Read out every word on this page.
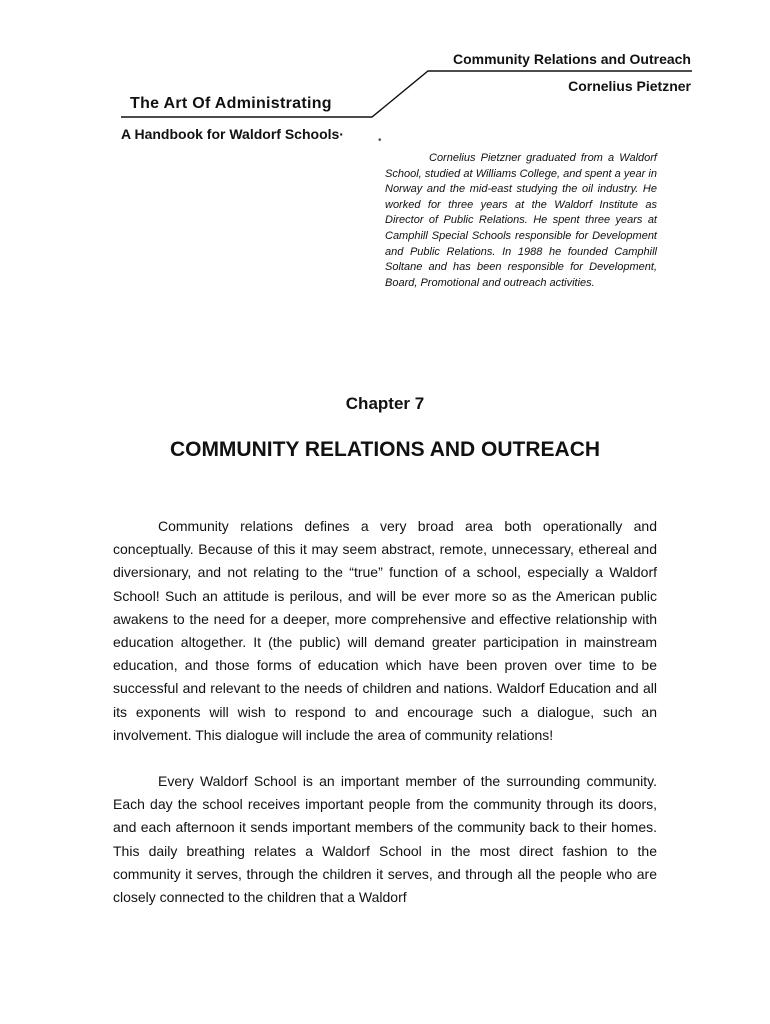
Community Relations and Outreach
Cornelius Pietzner
The Art Of Administrating
A Handbook for Waldorf Schools·	•
Cornelius Pietzner graduated from a Waldorf School, studied at Williams College, and spent a year in Norway and the mid-east studying the oil industry. He worked for three years at the Waldorf Institute as Director of Public Relations. He spent three years at Camphill Special Schools responsible for Development and Public Relations. In 1988 he founded Camphill Soltane and has been responsible for Development, Board, Promotional and outreach activities.
Chapter 7
COMMUNITY RELATIONS AND OUTREACH

Community relations defines a very broad area both operationally and conceptually. Because of this it may seem abstract, remote, unnecessary, ethereal and diversionary, and not relating to the “true” function of a school, especially a Waldorf School! Such an attitude is perilous, and will be ever more so as the American public awakens to the need for a deeper, more comprehensive and effective relationship with education altogether. It (the public) will demand greater participation in mainstream education, and those forms of education which have been proven over time to be successful and relevant to the needs of children and nations. Waldorf Education and all its exponents will wish to respond to and encourage such a dialogue, such an involvement. This dialogue will include the area of community relations!

Every Waldorf School is an important member of the surrounding community. Each day the school receives important people from the community through its doors, and each afternoon it sends important members of the community back to their homes. This daily breathing relates a Waldorf School in the most direct fashion to the community it serves, through the children it serves, and through all the people who are closely connected to the children that a Waldorf
